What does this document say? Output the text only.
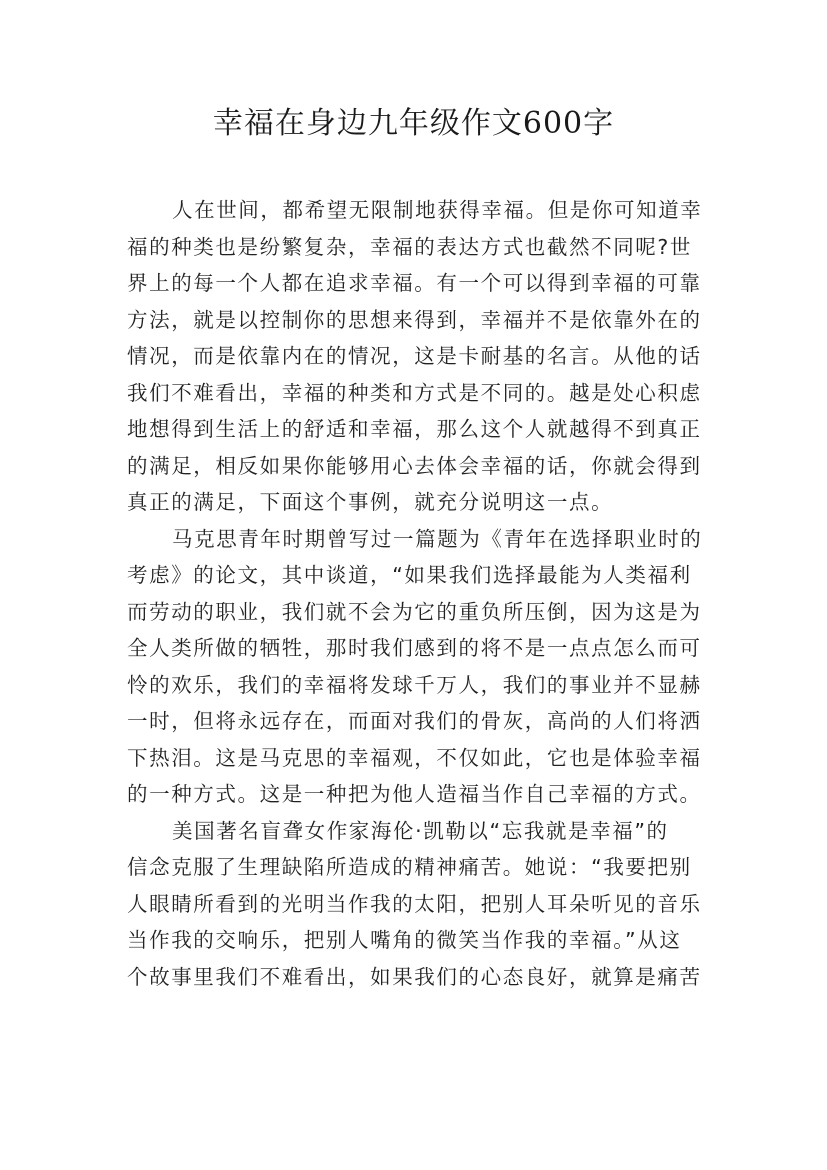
幸福在身边九年级作文600字
人在世间，都希望无限制地获得幸福。但是你可知道幸
福的种类也是纷繁复杂，幸福的表达方式也截然不同呢?世
界上的每一个人都在追求幸福。有一个可以得到幸福的可靠
方法，就是以控制你的思想来得到，幸福并不是依靠外在的
情况，而是依靠内在的情况，这是卡耐基的名言。从他的话
我们不难看出，幸福的种类和方式是不同的。越是处心积虑
地想得到生活上的舒适和幸福，那么这个人就越得不到真正
的满足，相反如果你能够用心去体会幸福的话，你就会得到
真正的满足，下面这个事例，就充分说明这一点。
马克思青年时期曾写过一篇题为《青年在选择职业时的
考虑》的论文，其中谈道，“如果我们选择最能为人类福利
而劳动的职业，我们就不会为它的重负所压倒，因为这是为
全人类所做的牺牲，那时我们感到的将不是一点点怎么而可
怜的欢乐，我们的幸福将发球千万人，我们的事业并不显赫
一时，但将永远存在，而面对我们的骨灰，高尚的人们将洒
下热泪。这是马克思的幸福观，不仅如此，它也是体验幸福
的一种方式。这是一种把为他人造福当作自己幸福的方式。
美国著名盲聋女作家海伦·凯勒以“忘我就是幸福”的
信念克服了生理缺陷所造成的精神痛苦。她说：“我要把别
人眼睛所看到的光明当作我的太阳，把别人耳朵听见的音乐
当作我的交响乐，把别人嘴角的微笑当作我的幸福。”从这
个故事里我们不难看出，如果我们的心态良好，就算是痛苦
